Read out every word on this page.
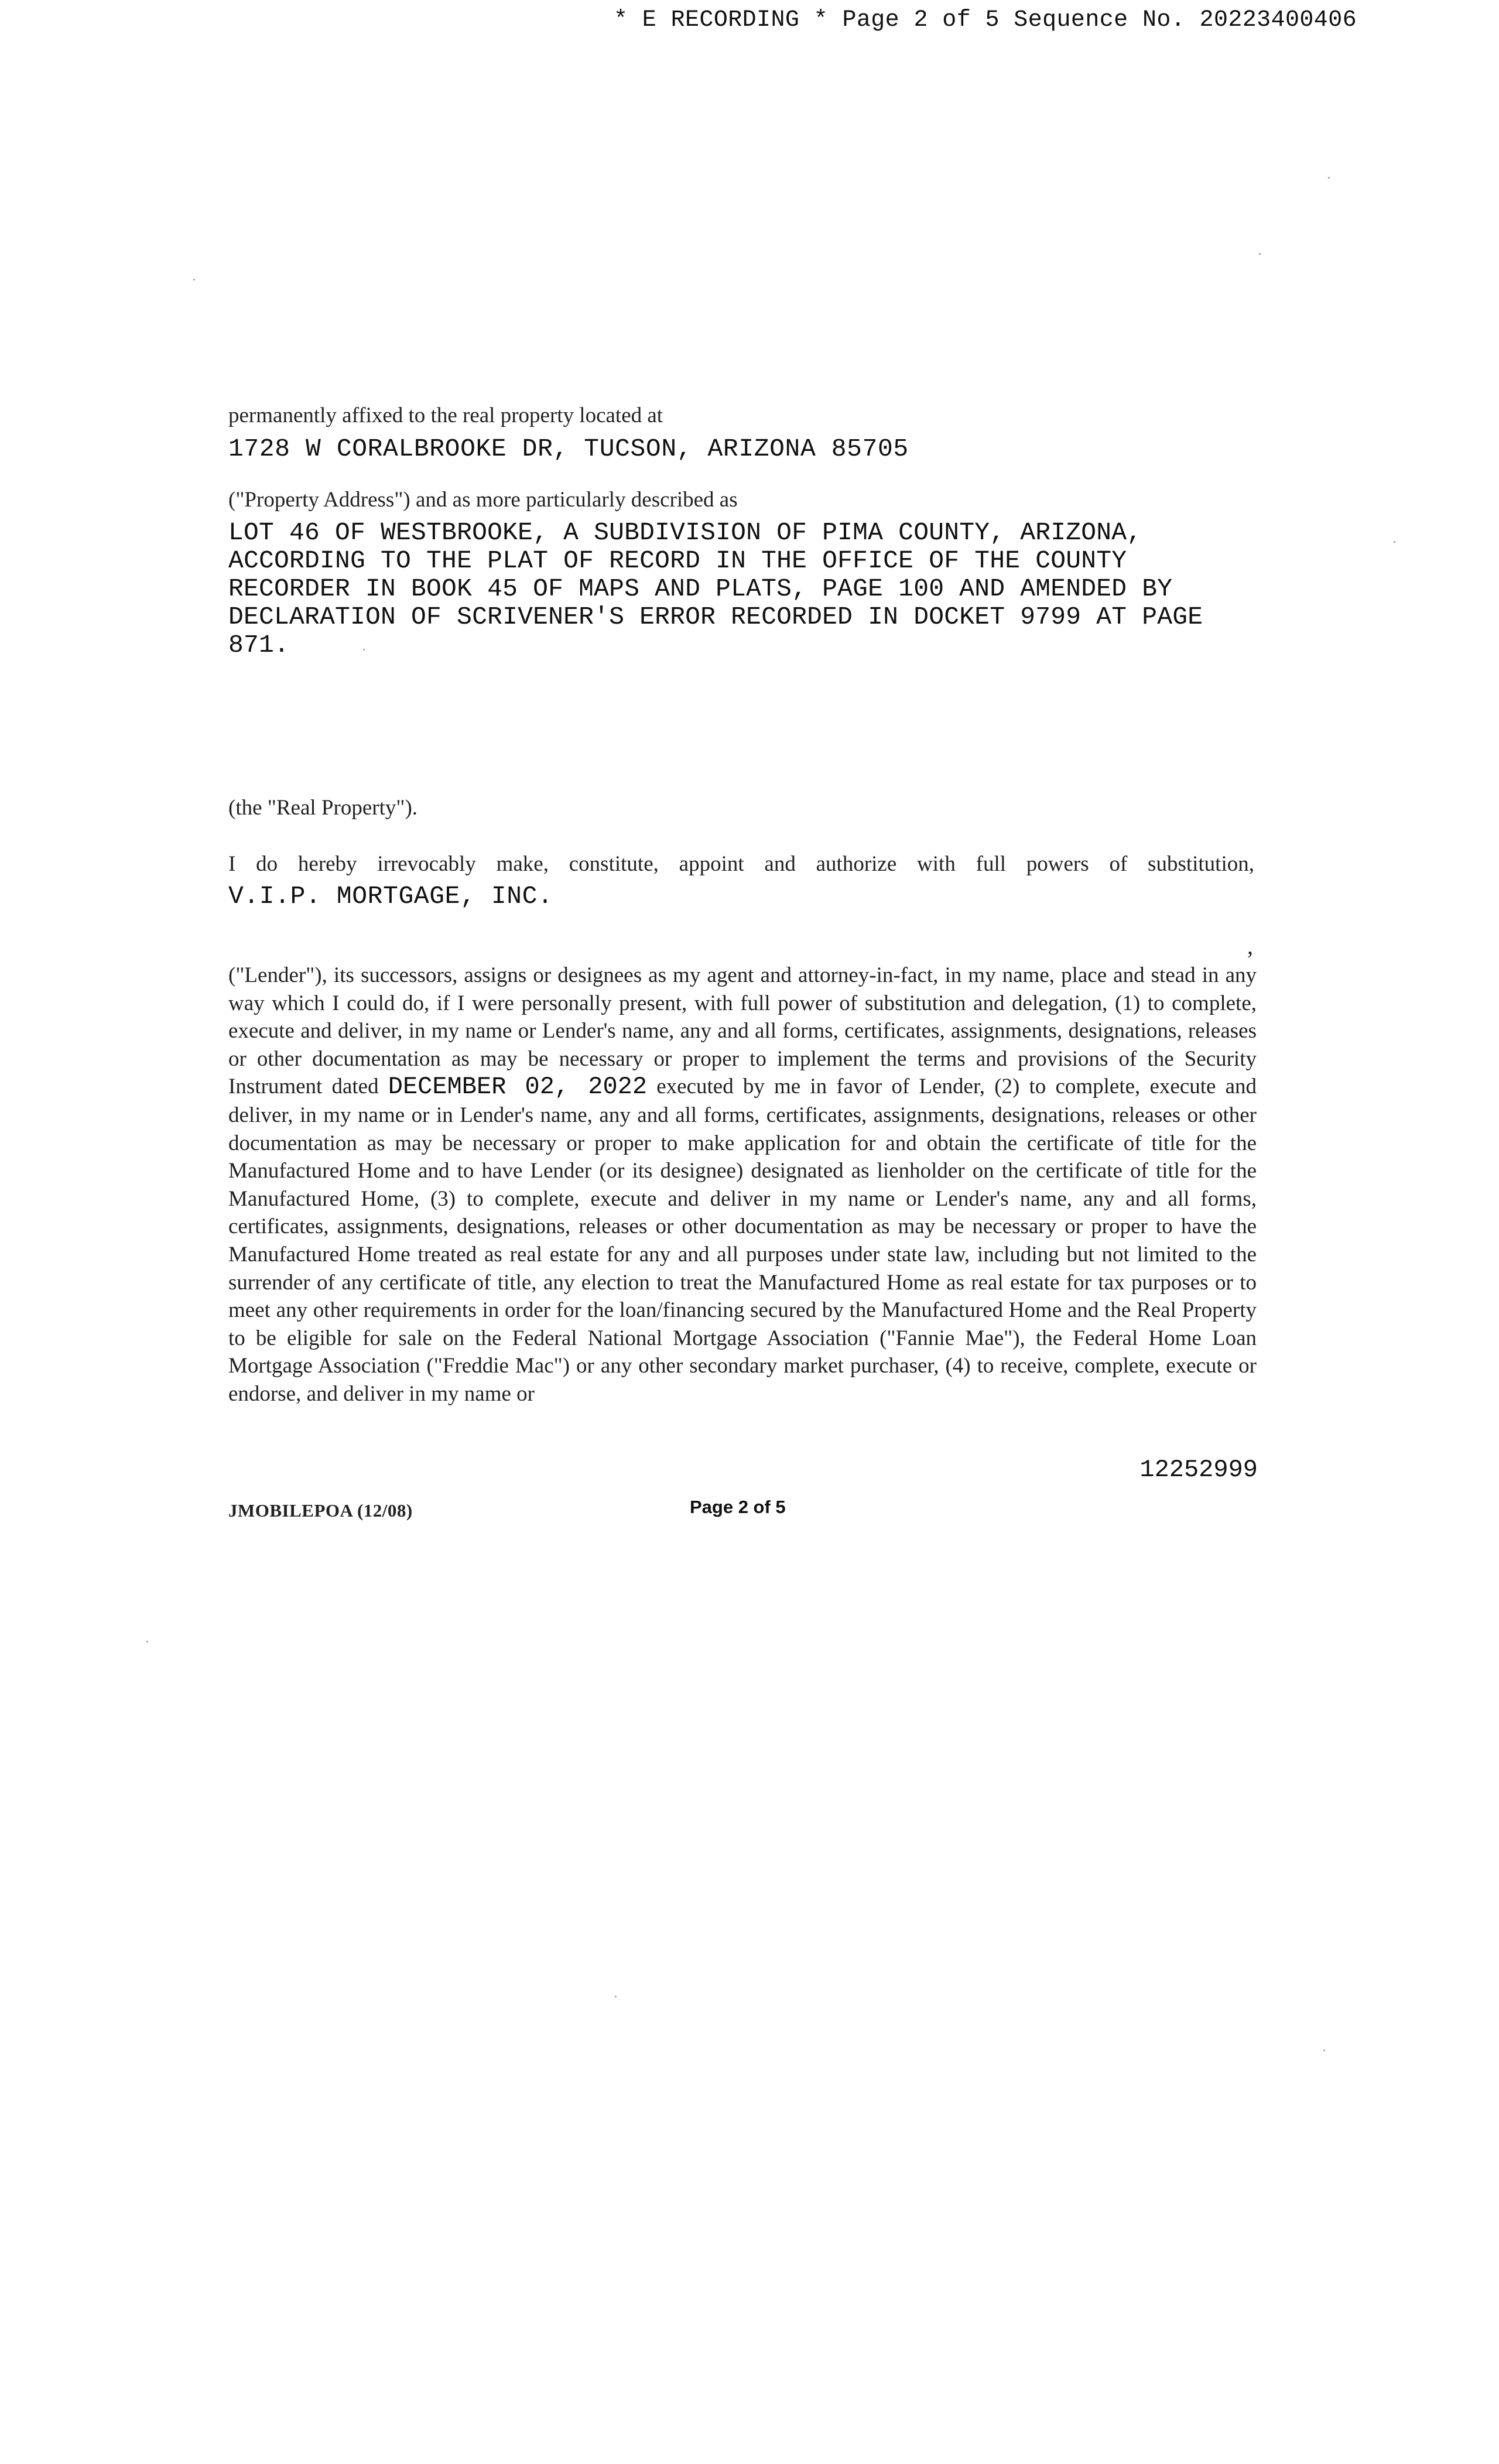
* E RECORDING * Page 2 of 5 Sequence No. 20223400406
permanently affixed to the real property located at
1728 W CORALBROOKE DR, TUCSON, ARIZONA 85705
("Property Address") and as more particularly described as
LOT 46 OF WESTBROOKE, A SUBDIVISION OF PIMA COUNTY, ARIZONA, ACCORDING TO THE PLAT OF RECORD IN THE OFFICE OF THE COUNTY RECORDER IN BOOK 45 OF MAPS AND PLATS, PAGE 100 AND AMENDED BY DECLARATION OF SCRIVENER'S ERROR RECORDED IN DOCKET 9799 AT PAGE 871.
(the "Real Property").
I do hereby irrevocably make, constitute, appoint and authorize with full powers of substitution,
V.I.P. MORTGAGE, INC.
,
("Lender"), its successors, assigns or designees as my agent and attorney-in-fact, in my name, place and stead in any way which I could do, if I were personally present, with full power of substitution and delegation, (1) to complete, execute and deliver, in my name or Lender's name, any and all forms, certificates, assignments, designations, releases or other documentation as may be necessary or proper to implement the terms and provisions of the Security Instrument dated DECEMBER 02, 2022 executed by me in favor of Lender, (2) to complete, execute and deliver, in my name or in Lender's name, any and all forms, certificates, assignments, designations, releases or other documentation as may be necessary or proper to make application for and obtain the certificate of title for the Manufactured Home and to have Lender (or its designee) designated as lienholder on the certificate of title for the Manufactured Home, (3) to complete, execute and deliver in my name or Lender's name, any and all forms, certificates, assignments, designations, releases or other documentation as may be necessary or proper to have the Manufactured Home treated as real estate for any and all purposes under state law, including but not limited to the surrender of any certificate of title, any election to treat the Manufactured Home as real estate for tax purposes or to meet any other requirements in order for the loan/financing secured by the Manufactured Home and the Real Property to be eligible for sale on the Federal National Mortgage Association ("Fannie Mae"), the Federal Home Loan Mortgage Association ("Freddie Mac") or any other secondary market purchaser, (4) to receive, complete, execute or endorse, and deliver in my name or
12252999
JMOBILEPOA (12/08)	Page 2 of 5
